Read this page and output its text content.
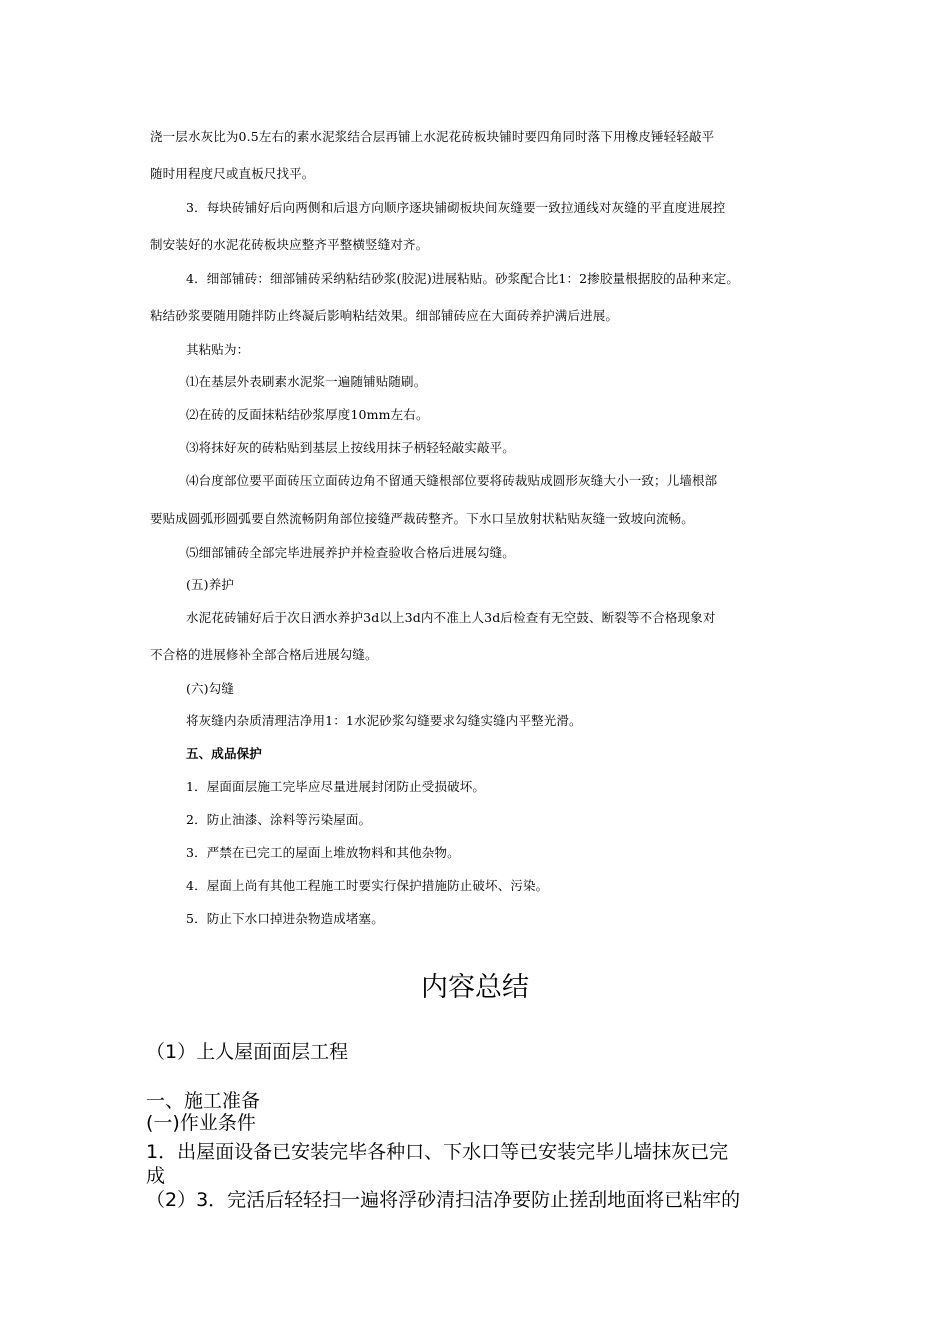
浇一层水灰比为0.5左右的素水泥浆结合层再铺上水泥花砖板块铺时要四角同时落下用橡皮锤轻轻敲平
随时用程度尺或直板尺找平。
3．每块砖铺好后向两侧和后退方向顺序逐块铺砌板块间灰缝要一致拉通线对灰缝的平直度进展控
制安装好的水泥花砖板块应整齐平整横竖缝对齐。
4．细部铺砖：细部铺砖采纳粘结砂浆(胶泥)进展粘贴。砂浆配合比1：2掺胶量根据胶的品种来定。
粘结砂浆要随用随拌防止终凝后影响粘结效果。细部铺砖应在大面砖养护满后进展。
其粘贴为：
⑴在基层外表刷素水泥浆一遍随铺贴随刷。
⑵在砖的反面抹粘结砂浆厚度10mm左右。
⑶将抹好灰的砖粘贴到基层上按线用抹子柄轻轻敲实敲平。
⑷台度部位要平面砖压立面砖边角不留通天缝根部位要将砖裁贴成圆形灰缝大小一致；儿墙根部
要贴成圆弧形圆弧要自然流畅阴角部位接缝严裁砖整齐。下水口呈放射状粘贴灰缝一致坡向流畅。
⑸细部铺砖全部完毕进展养护并检查验收合格后进展勾缝。
(五)养护
水泥花砖铺好后于次日洒水养护3d以上3d内不准上人3d后检查有无空鼓、断裂等不合格现象对
不合格的进展修补全部合格后进展勾缝。
(六)勾缝
将灰缝内杂质清理洁净用1：1水泥砂浆勾缝要求勾缝实缝内平整光滑。
五、成品保护
1．屋面面层施工完毕应尽量进展封闭防止受损破坏。
2．防止油漆、涂料等污染屋面。
3．严禁在已完工的屋面上堆放物料和其他杂物。
4．屋面上尚有其他工程施工时要实行保护措施防止破坏、污染。
5．防止下水口掉进杂物造成堵塞。
内容总结
（1）上人屋面面层工程
一、施工准备
(一)作业条件
1．出屋面设备已安装完毕各种口、下水口等已安装完毕儿墙抹灰已完
成
（2）3．完活后轻轻扫一遍将浮砂清扫洁净要防止搓刮地面将已粘牢的
